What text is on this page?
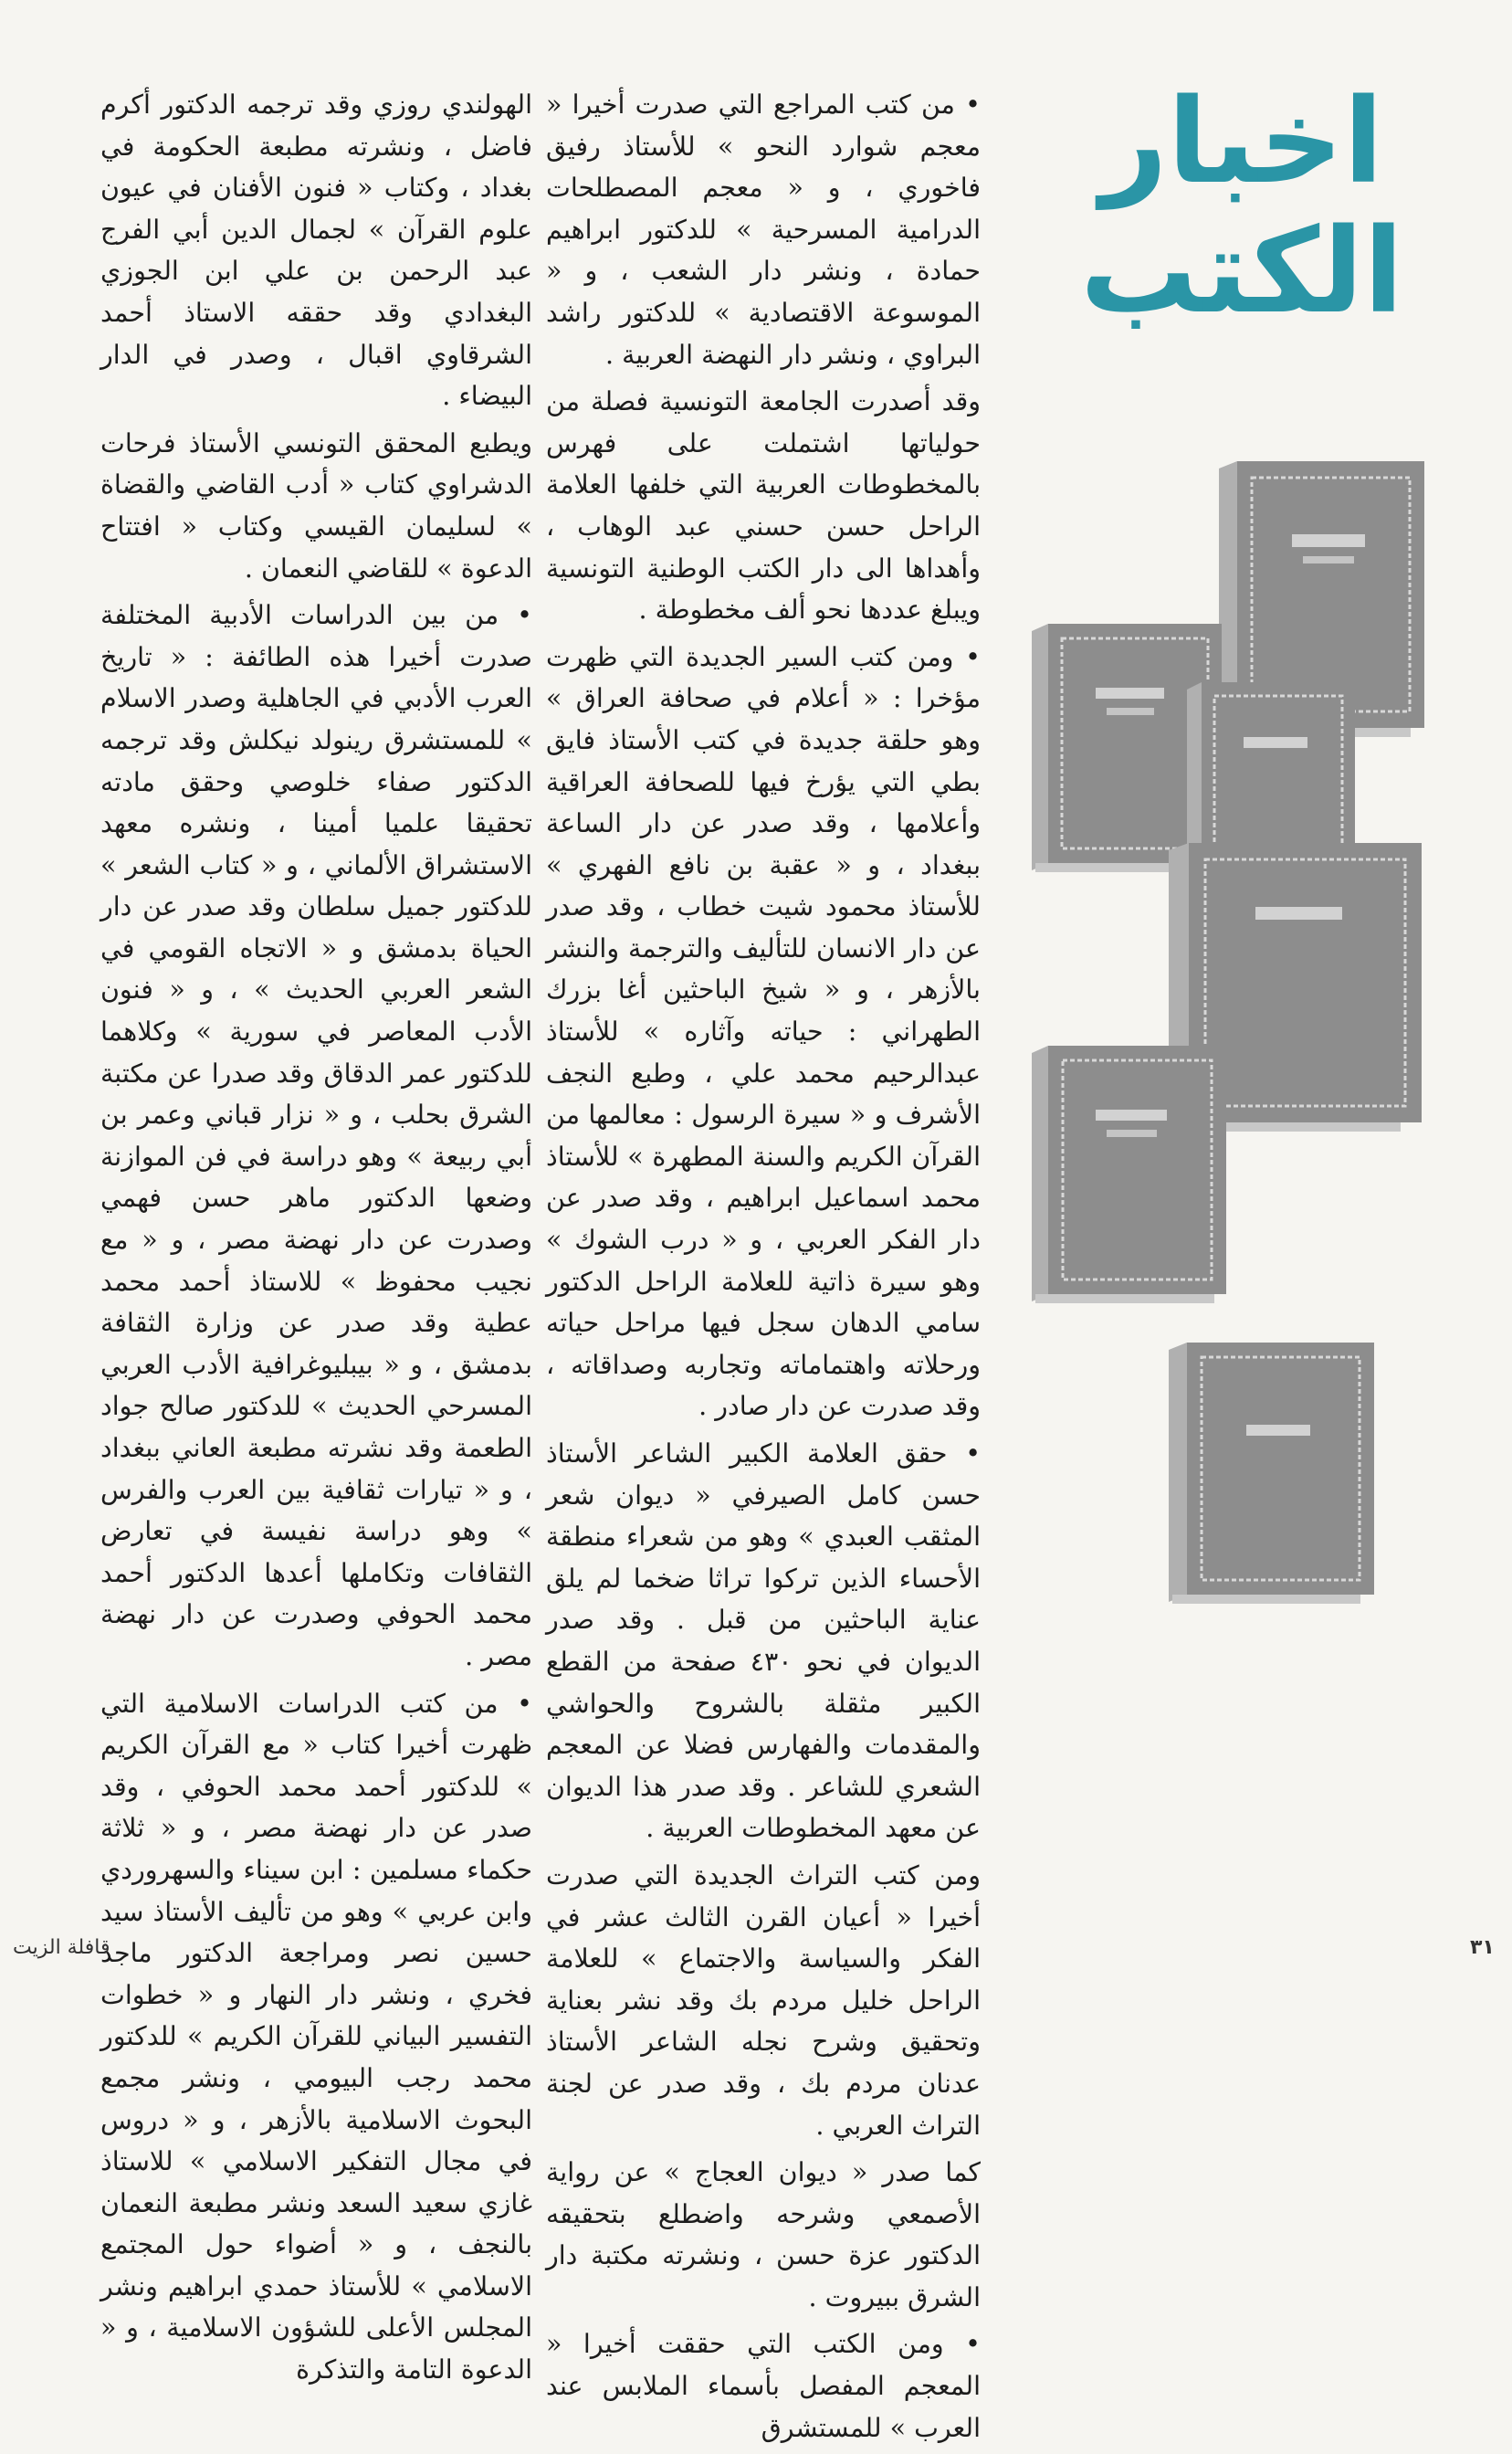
اخبار
الكتب

• من كتب المراجع التي صدرت أخيرا « معجم شوارد النحو » للأستاذ رفيق فاخوري ، و « معجم المصطلحات الدرامية المسرحية » للدكتور ابراهيم حمادة ، ونشر دار الشعب ، و « الموسوعة الاقتصادية » للدكتور راشد البراوي ، ونشر دار النهضة العربية .

وقد أصدرت الجامعة التونسية فصلة من حولياتها اشتملت على فهرس بالمخطوطات العربية التي خلفها العلامة الراحل حسن حسني عبد الوهاب ، وأهداها الى دار الكتب الوطنية التونسية ويبلغ عددها نحو ألف مخطوطة .

• ومن كتب السير الجديدة التي ظهرت مؤخرا : « أعلام في صحافة العراق » وهو حلقة جديدة في كتب الأستاذ فايق بطي التي يؤرخ فيها للصحافة العراقية وأعلامها ، وقد صدر عن دار الساعة ببغداد ، و « عقبة بن نافع الفهري » للأستاذ محمود شيت خطاب ، وقد صدر عن دار الانسان للتأليف والترجمة والنشر بالأزهر ، و « شيخ الباحثين أغا بزرك الطهراني : حياته وآثاره » للأستاذ عبدالرحيم محمد علي ، وطبع النجف الأشرف و « سيرة الرسول : معالمها من القرآن الكريم والسنة المطهرة » للأستاذ محمد اسماعيل ابراهيم ، وقد صدر عن دار الفكر العربي ، و « درب الشوك » وهو سيرة ذاتية للعلامة الراحل الدكتور سامي الدهان سجل فيها مراحل حياته ورحلاته واهتماماته وتجاربه وصداقاته ، وقد صدرت عن دار صادر .

• حقق العلامة الكبير الشاعر الأستاذ حسن كامل الصيرفي « ديوان شعر المثقب العبدي » وهو من شعراء منطقة الأحساء الذين تركوا تراثا ضخما لم يلق عناية الباحثين من قبل . وقد صدر الديوان في نحو ٤٣٠ صفحة من القطع الكبير مثقلة بالشروح والحواشي والمقدمات والفهارس فضلا عن المعجم الشعري للشاعر . وقد صدر هذا الديوان عن معهد المخطوطات العربية .

ومن كتب التراث الجديدة التي صدرت أخيرا « أعيان القرن الثالث عشر في الفكر والسياسة والاجتماع » للعلامة الراحل خليل مردم بك وقد نشر بعناية وتحقيق وشرح نجله الشاعر الأستاذ عدنان مردم بك ، وقد صدر عن لجنة التراث العربي .

كما صدر « ديوان العجاج » عن رواية الأصمعي وشرحه واضطلع بتحقيقه الدكتور عزة حسن ، ونشرته مكتبة دار الشرق ببيروت .

• ومن الكتب التي حققت أخيرا « المعجم المفصل بأسماء الملابس عند العرب » للمستشرق

الهولندي روزي وقد ترجمه الدكتور أكرم فاضل ، ونشرته مطبعة الحكومة في بغداد ، وكتاب « فنون الأفنان في عيون علوم القرآن » لجمال الدين أبي الفرج عبد الرحمن بن علي ابن الجوزي البغدادي وقد حققه الاستاذ أحمد الشرقاوي اقبال ، وصدر في الدار البيضاء .

ويطبع المحقق التونسي الأستاذ فرحات الدشراوي كتاب « أدب القاضي والقضاة » لسليمان القيسي وكتاب « افتتاح الدعوة » للقاضي النعمان .

• من بين الدراسات الأدبية المختلفة صدرت أخيرا هذه الطائفة : « تاريخ العرب الأدبي في الجاهلية وصدر الاسلام » للمستشرق رينولد نيكلش وقد ترجمه الدكتور صفاء خلوصي وحقق مادته تحقيقا علميا أمينا ، ونشره معهد الاستشراق الألماني ، و « كتاب الشعر » للدكتور جميل سلطان وقد صدر عن دار الحياة بدمشق و « الاتجاه القومي في الشعر العربي الحديث » ، و « فنون الأدب المعاصر في سورية » وكلاهما للدكتور عمر الدقاق وقد صدرا عن مكتبة الشرق بحلب ، و « نزار قباني وعمر بن أبي ربيعة » وهو دراسة في فن الموازنة وضعها الدكتور ماهر حسن فهمي وصدرت عن دار نهضة مصر ، و « مع نجيب محفوظ » للاستاذ أحمد محمد عطية وقد صدر عن وزارة الثقافة بدمشق ، و « بيبليوغرافية الأدب العربي المسرحي الحديث » للدكتور صالح جواد الطعمة وقد نشرته مطبعة العاني ببغداد ، و « تيارات ثقافية بين العرب والفرس » وهو دراسة نفيسة في تعارض الثقافات وتكاملها أعدها الدكتور أحمد محمد الحوفي وصدرت عن دار نهضة مصر .

• من كتب الدراسات الاسلامية التي ظهرت أخيرا كتاب « مع القرآن الكريم » للدكتور أحمد محمد الحوفي ، وقد صدر عن دار نهضة مصر ، و « ثلاثة حكماء مسلمين : ابن سيناء والسهروردي وابن عربي » وهو من تأليف الأستاذ سيد حسين نصر ومراجعة الدكتور ماجد فخري ، ونشر دار النهار و « خطوات التفسير البياني للقرآن الكريم » للدكتور محمد رجب البيومي ، ونشر مجمع البحوث الاسلامية بالأزهر ، و « دروس في مجال التفكير الاسلامي » للاستاذ غازي سعيد السعد ونشر مطبعة النعمان بالنجف ، و « أضواء حول المجتمع الاسلامي » للأستاذ حمدي ابراهيم ونشر المجلس الأعلى للشؤون الاسلامية ، و « الدعوة التامة والتذكرة

٣١
قافلة الزيت
